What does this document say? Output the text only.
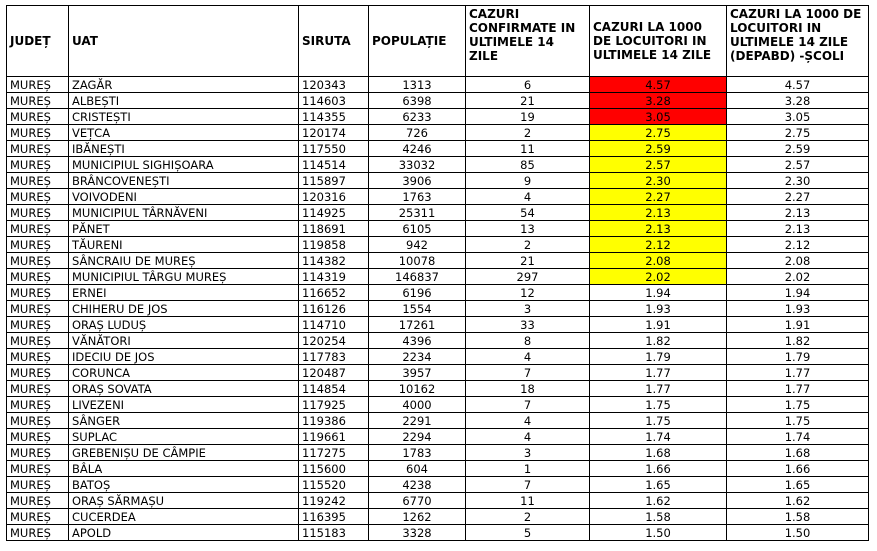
JUDEȚ	UAT	SIRUTA	POPULAȚIE	CAZURI CONFIRMATE IN ULTIMELE 14 ZILE	CAZURI LA 1000 DE LOCUITORI IN ULTIMELE 14 ZILE	CAZURI LA 1000 DE LOCUITORI IN ULTIMELE 14 ZILE (DEPABD) -ȘCOLI
MUREȘ	ZAGĂR	120343	1313	6	4.57	4.57
MUREȘ	ALBEȘTI	114603	6398	21	3.28	3.28
MUREȘ	CRISTEȘTI	114355	6233	19	3.05	3.05
MUREȘ	VEȚCA	120174	726	2	2.75	2.75
MUREȘ	IBĂNEȘTI	117550	4246	11	2.59	2.59
MUREȘ	MUNICIPIUL SIGHIȘOARA	114514	33032	85	2.57	2.57
MUREȘ	BRÂNCOVENEȘTI	115897	3906	9	2.30	2.30
MUREȘ	VOIVODENI	120316	1763	4	2.27	2.27
MUREȘ	MUNICIPIUL TÂRNĂVENI	114925	25311	54	2.13	2.13
MUREȘ	PĂNET	118691	6105	13	2.13	2.13
MUREȘ	TĂURENI	119858	942	2	2.12	2.12
MUREȘ	SÂNCRAIU DE MUREȘ	114382	10078	21	2.08	2.08
MUREȘ	MUNICIPIUL TÂRGU MUREȘ	114319	146837	297	2.02	2.02
MUREȘ	ERNEI	116652	6196	12	1.94	1.94
MUREȘ	CHIHERU DE JOS	116126	1554	3	1.93	1.93
MUREȘ	ORAȘ LUDUȘ	114710	17261	33	1.91	1.91
MUREȘ	VĂNĂTORI	120254	4396	8	1.82	1.82
MUREȘ	IDECIU DE JOS	117783	2234	4	1.79	1.79
MUREȘ	CORUNCA	120487	3957	7	1.77	1.77
MUREȘ	ORAȘ SOVATA	114854	10162	18	1.77	1.77
MUREȘ	LIVEZENI	117925	4000	7	1.75	1.75
MUREȘ	SÂNGER	119386	2291	4	1.75	1.75
MUREȘ	SUPLAC	119661	2294	4	1.74	1.74
MUREȘ	GREBENIȘU DE CÂMPIE	117275	1783	3	1.68	1.68
MUREȘ	BÂLA	115600	604	1	1.66	1.66
MUREȘ	BATOȘ	115520	4238	7	1.65	1.65
MUREȘ	ORAȘ SĂRMAȘU	119242	6770	11	1.62	1.62
MUREȘ	CUCERDEA	116395	1262	2	1.58	1.58
MUREȘ	APOLD	115183	3328	5	1.50	1.50
